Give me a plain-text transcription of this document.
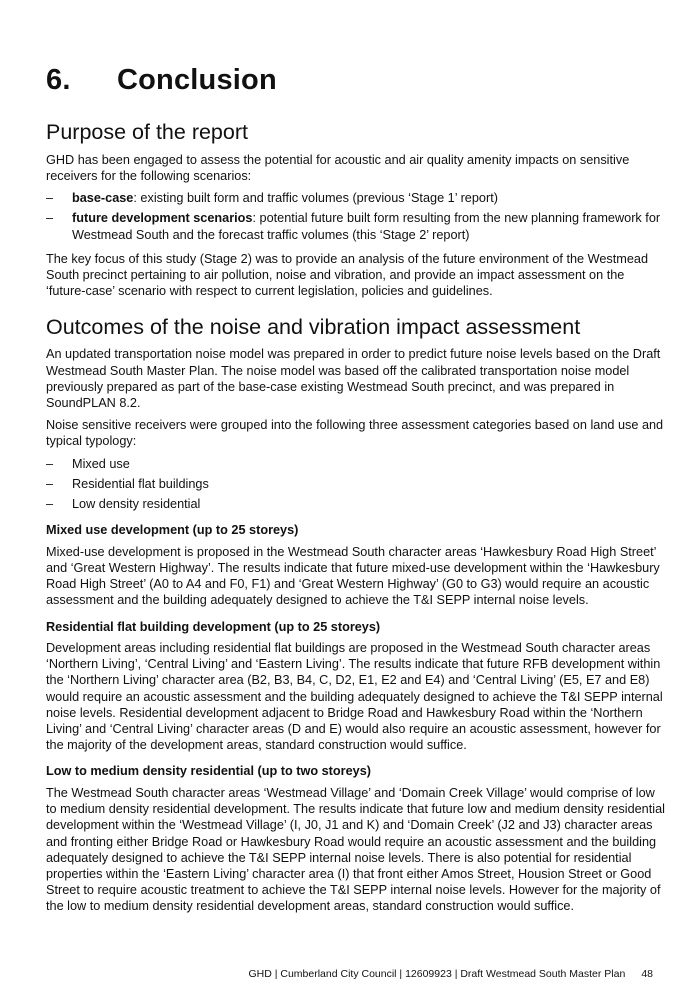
6. Conclusion
Purpose of the report

GHD has been engaged to assess the potential for acoustic and air quality amenity impacts on sensitive receivers for the following scenarios:

– base-case: existing built form and traffic volumes (previous ‘Stage 1’ report)
– future development scenarios: potential future built form resulting from the new planning framework for Westmead South and the forecast traffic volumes (this ‘Stage 2’ report)

The key focus of this study (Stage 2) was to provide an analysis of the future environment of the Westmead South precinct pertaining to air pollution, noise and vibration, and provide an impact assessment on the ‘future-case’ scenario with respect to current legislation, policies and guidelines.

Outcomes of the noise and vibration impact assessment

An updated transportation noise model was prepared in order to predict future noise levels based on the Draft Westmead South Master Plan. The noise model was based off the calibrated transportation noise model previously prepared as part of the base-case existing Westmead South precinct, and was prepared in SoundPLAN 8.2.

Noise sensitive receivers were grouped into the following three assessment categories based on land use and typical typology:

– Mixed use
– Residential flat buildings
– Low density residential
Mixed use development (up to 25 storeys)

Mixed-use development is proposed in the Westmead South character areas ‘Hawkesbury Road High Street’ and ‘Great Western Highway’. The results indicate that future mixed-use development within the ‘Hawkesbury Road High Street’ (A0 to A4 and F0, F1) and ‘Great Western Highway’ (G0 to G3) would require an acoustic assessment and the building adequately designed to achieve the T&I SEPP internal noise levels.

Residential flat building development (up to 25 storeys)

Development areas including residential flat buildings are proposed in the Westmead South character areas ‘Northern Living’, ‘Central Living’ and ‘Eastern Living’. The results indicate that future RFB development within the ‘Northern Living’ character area (B2, B3, B4, C, D2, E1, E2 and E4) and ‘Central Living’ (E5, E7 and E8) would require an acoustic assessment and the building adequately designed to achieve the T&I SEPP internal noise levels. Residential development adjacent to Bridge Road and Hawkesbury Road within the ‘Northern Living’ and ‘Central Living’ character areas (D and E) would also require an acoustic assessment, however for the majority of the development areas, standard construction would suffice.

Low to medium density residential (up to two storeys)

The Westmead South character areas ‘Westmead Village’ and ‘Domain Creek Village’ would comprise of low to medium density residential development. The results indicate that future low and medium density residential development within the ‘Westmead Village’ (I, J0, J1 and K) and ‘Domain Creek’ (J2 and J3) character areas and fronting either Bridge Road or Hawkesbury Road would require an acoustic assessment and the building adequately designed to achieve the T&I SEPP internal noise levels. There is also potential for residential properties within the ‘Eastern Living’ character area (I) that front either Amos Street, Housion Street or Good Street to require acoustic treatment to achieve the T&I SEPP internal noise levels. However for the majority of the low to medium density residential development areas, standard construction would suffice.

GHD | Cumberland City Council | 12609923 | Draft Westmead South Master Plan 48
